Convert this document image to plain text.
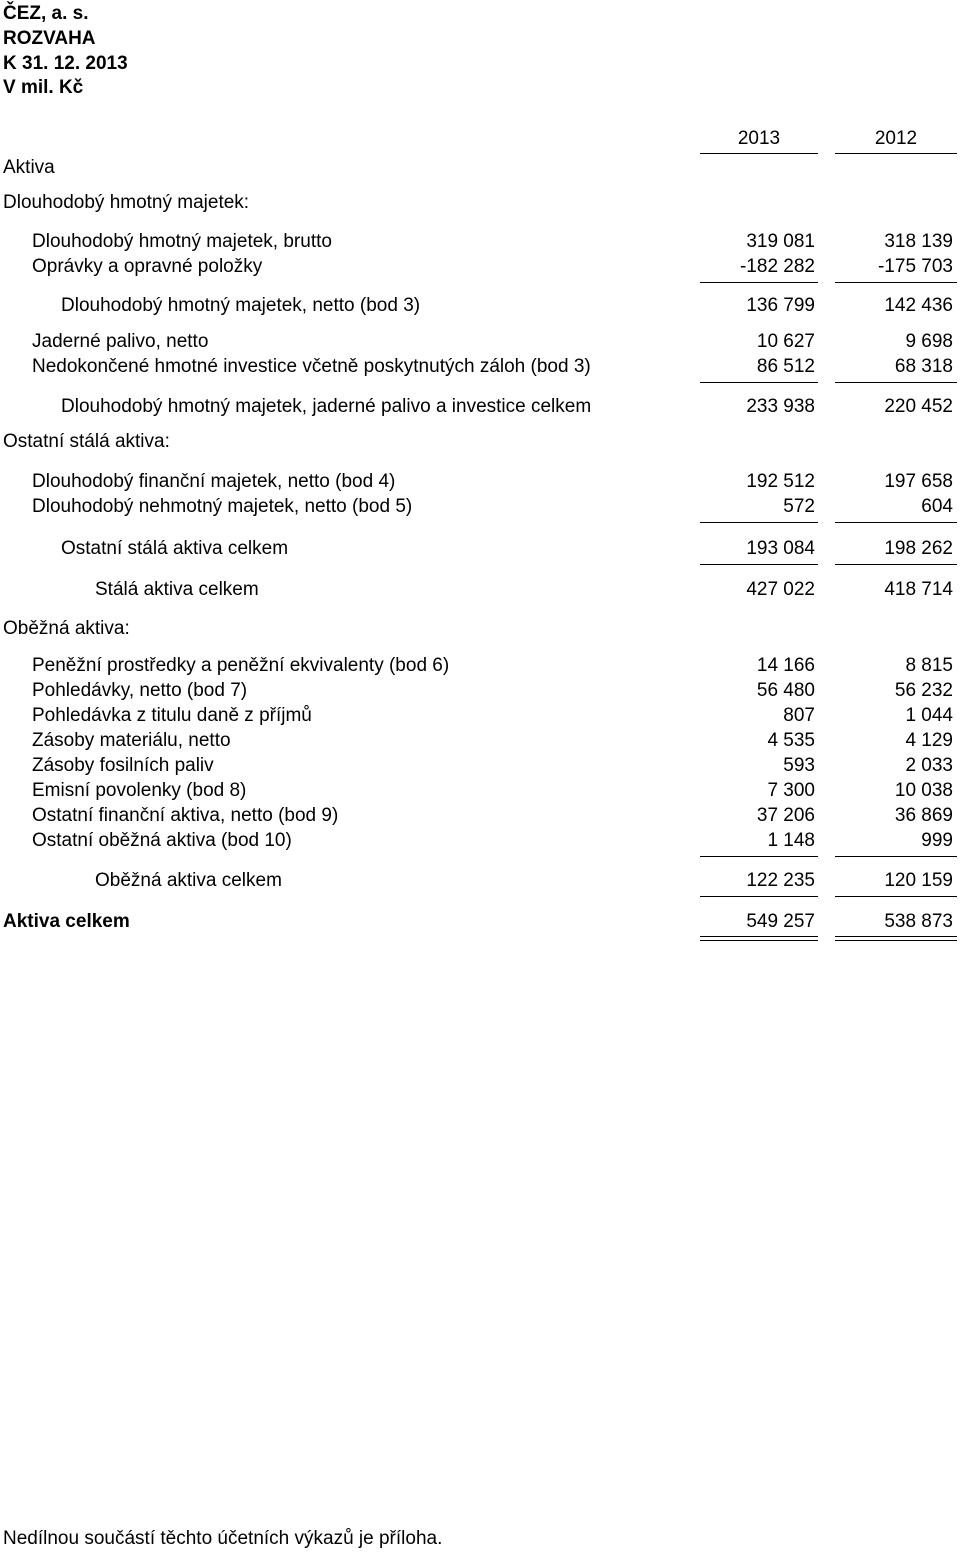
ČEZ, a. s.
ROZVAHA
K 31. 12. 2013
V mil. Kč
2013	2012
Aktiva
Dlouhodobý hmotný majetek:
Dlouhodobý hmotný majetek, brutto	319 081	318 139
Oprávky a opravné položky	-182 282	-175 703
Dlouhodobý hmotný majetek, netto (bod 3)	136 799	142 436
Jaderné palivo, netto	10 627	9 698
Nedokončené hmotné investice včetně poskytnutých záloh (bod 3)	86 512	68 318
Dlouhodobý hmotný majetek, jaderné palivo a investice celkem	233 938	220 452
Ostatní stálá aktiva:
Dlouhodobý finanční majetek, netto (bod 4)	192 512	197 658
Dlouhodobý nehmotný majetek, netto (bod 5)	572	604
Ostatní stálá aktiva celkem	193 084	198 262
Stálá aktiva celkem	427 022	418 714
Oběžná aktiva:
Peněžní prostředky a peněžní ekvivalenty (bod 6)	14 166	8 815
Pohledávky, netto (bod 7)	56 480	56 232
Pohledávka z titulu daně z příjmů	807	1 044
Zásoby materiálu, netto	4 535	4 129
Zásoby fosilních paliv	593	2 033
Emisní povolenky (bod 8)	7 300	10 038
Ostatní finanční aktiva, netto (bod 9)	37 206	36 869
Ostatní oběžná aktiva (bod 10)	1 148	999
Oběžná aktiva celkem	122 235	120 159
Aktiva celkem	549 257	538 873
Nedílnou součástí těchto účetních výkazů je příloha.
